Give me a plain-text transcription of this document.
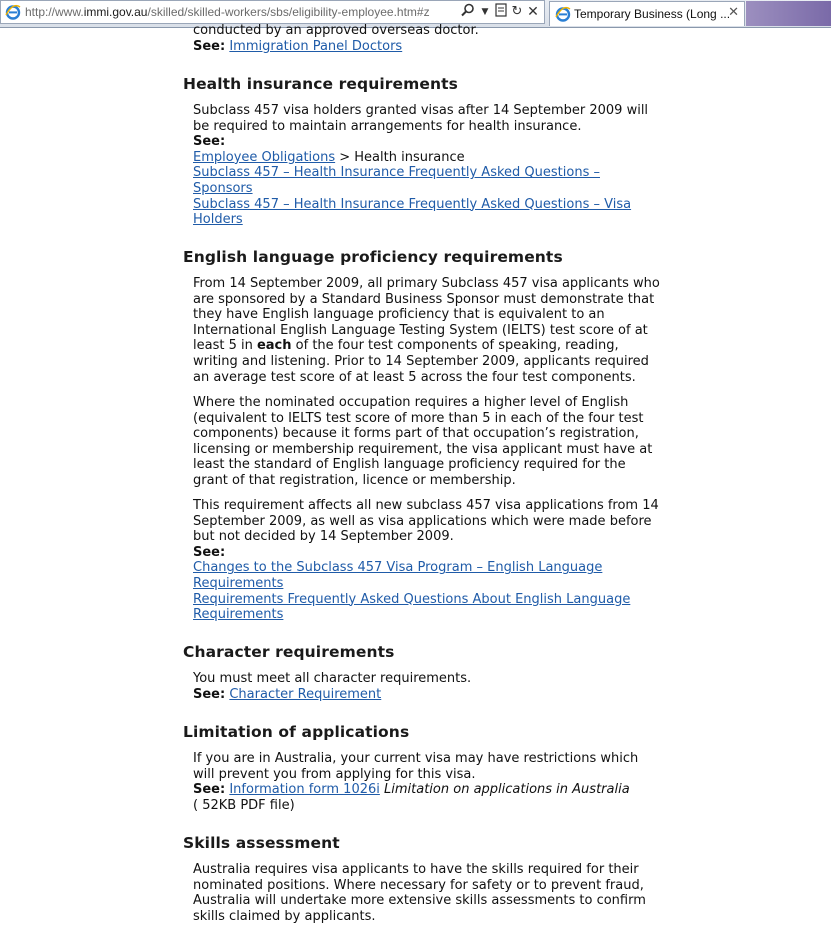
http://www.immi.gov.au/skilled/skilled-workers/sbs/eligibility-employee.htm#z	▼	↻ ✕	Temporary Business (Long ...
✕

conducted by an approved overseas doctor.

See: Immigration Panel Doctors

Health insurance requirements

Subclass 457 visa holders granted visas after 14 September 2009 will

be required to maintain arrangements for health insurance.

See:

Employee Obligations > Health insurance

Subclass 457 – Health Insurance Frequently Asked Questions –

Sponsors

Subclass 457 – Health Insurance Frequently Asked Questions – Visa

Holders

English language proficiency requirements

From 14 September 2009, all primary Subclass 457 visa applicants who

are sponsored by a Standard Business Sponsor must demonstrate that

they have English language proficiency that is equivalent to an

International English Language Testing System (IELTS) test score of at

least 5 in each of the four test components of speaking, reading,

writing and listening. Prior to 14 September 2009, applicants required

an average test score of at least 5 across the four test components.

Where the nominated occupation requires a higher level of English

(equivalent to IELTS test score of more than 5 in each of the four test

components) because it forms part of that occupation’s registration,

licensing or membership requirement, the visa applicant must have at

least the standard of English language proficiency required for the

grant of that registration, licence or membership.

This requirement affects all new subclass 457 visa applications from 14

September 2009, as well as visa applications which were made before

but not decided by 14 September 2009.

See:

Changes to the Subclass 457 Visa Program – English Language

Requirements

Requirements Frequently Asked Questions About English Language

Requirements

Character requirements

You must meet all character requirements.

See: Character Requirement

Limitation of applications

If you are in Australia, your current visa may have restrictions which

will prevent you from applying for this visa.

See: Information form 1026i Limitation on applications in Australia

( 52KB PDF file)

Skills assessment

Australia requires visa applicants to have the skills required for their

nominated positions. Where necessary for safety or to prevent fraud,

Australia will undertake more extensive skills assessments to confirm

skills claimed by applicants.
